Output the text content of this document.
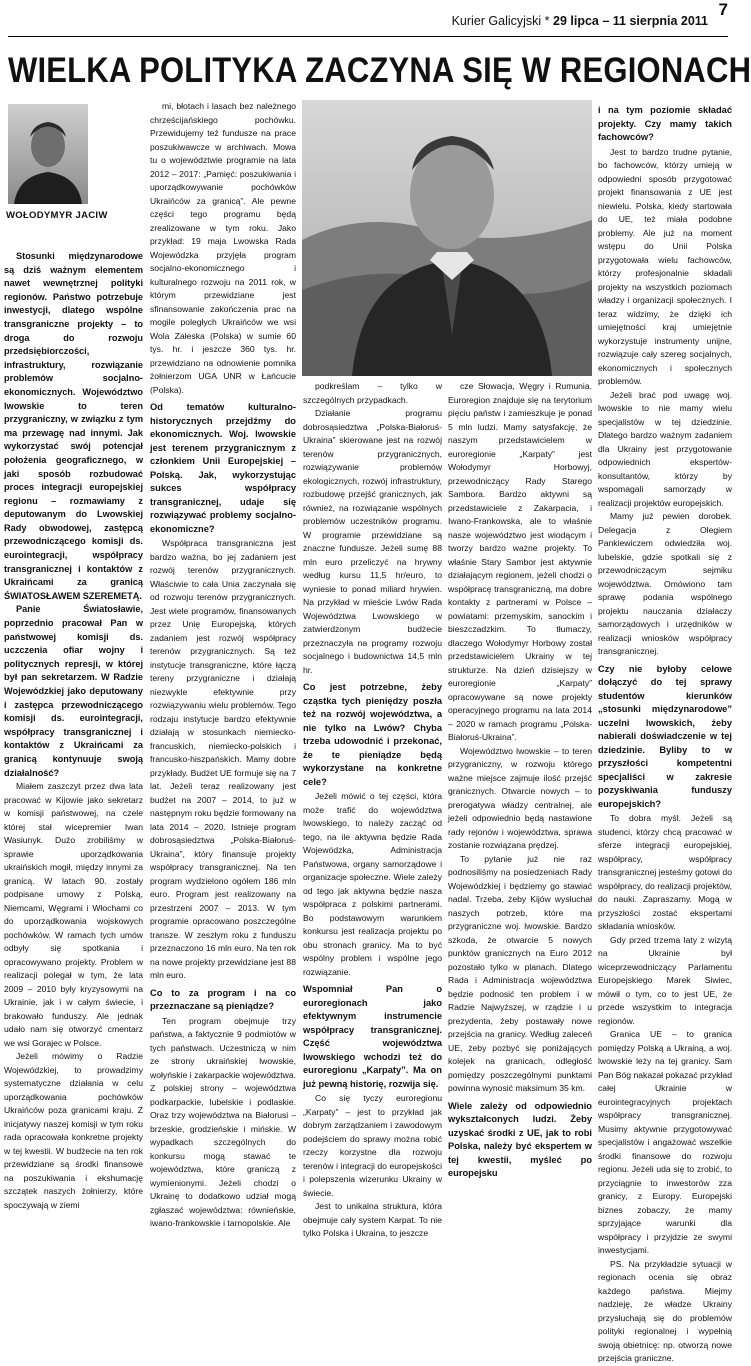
Kurier Galicyjski * 29 lipca – 11 sierpnia 2011
7
WIELKA POLITYKA ZACZYNA SIĘ W REGIONACH
WOŁODYMYR JACIW

Stosunki międzynarodowe są dziś ważnym elementem nawet wewnętrznej polityki regionów. Państwo potrzebuje inwestycji, dlatego wspólne transgraniczne projekty – to droga do rozwoju przedsiębiorczości, infrastruktury, rozwiązanie problemów socjalno-ekonomicznych. Województwo lwowskie to teren przygraniczny, w związku z tym ma przewagę nad innymi. Jak wykorzystać swój potencjał położenia geograficznego, w jaki sposób rozbudować proces integracji europejskiej regionu – rozmawiamy z deputowanym do Lwowskiej Rady obwodowej, zastępcą przewodniczącego komisji ds. eurointegracji, współpracy transgranicznej i kontaktów z Ukraińcami za granicą ŚWIATOSŁAWEM SZEREMETĄ.

Panie Światosławie, poprzednio pracował Pan w państwowej komisji ds. uczczenia ofiar wojny i politycznych represji, w której był pan sekretarzem. W Radzie Wojewódzkiej jako deputowany i zastępca przewodniczącego komisji ds. eurointegracji, współpracy transgranicznej i kontaktów z Ukraińcami za granicą kontynuuje swoją działalność?

Miałem zaszczyt przez dwa lata pracować w Kijowie jako sekretarz w komisji państwowej, na czele której stał wicepremier Iwan Wasiunyk. Dużo zrobiliśmy w sprawie uporządkowania ukraińskich mogił, między innymi za granicą. W latach 90. zostały podpisane umowy z Polską, Niemcami, Węgrami i Włochami co do uporządkowania wojskowych pochówków. W ramach tych umów odbyły się spotkania i opracowywano projekty. Problem w realizacji polegał w tym, że lata 2009 – 2010 były kryzysowymi na Ukrainie, jak i w całym świecie, i brakowało funduszy. Ale jednak udało nam się otworzyć cmentarz we wsi Gorajec w Polsce.

Jeżeli mówimy o Radzie Wojewódzkiej, to prowadzimy systematyczne działania w celu uporządkowania pochówków Ukraińców poza granicami kraju. Z inicjatywy naszej komisji w tym roku rada opracowała konkretne projekty w tej kwestii. W budżecie na ten rok przewidziane są środki finansowe na poszukiwania i ekshumację szczątek naszych żołnierzy, które spoczywają w ziemi

mi, błotach i lasach bez należnego chrześcijańskiego pochówku. Przewidujemy też fundusze na prace poszukiwawcze w archiwach. Mowa tu o województwie programie na lata 2012 – 2017: „Pamięć: poszukiwania i uporządkowywanie pochówków Ukraińców za granicą”. Ale pewne części tego programu będą zrealizowane w tym roku. Jako przykład: 19 maja Lwowska Rada Wojewódzka przyjęła program socjalno-ekonomicznego i kulturalnego rozwoju na 2011 rok, w którym przewidziane jest sfinansowanie zakończenia prac na mogile poległych Ukraińców we wsi Wola Załeska (Polska) w sumie 60 tys. hr. i jeszcze 360 tys. hr. przewidziano na odnowienie pomnika żołnierzom UGA UNR w Łańcucie (Polska).

Od tematów kulturalno-historycznych przejdźmy do ekonomicznych. Woj. lwowskie jest terenem przygranicznym z członkiem Unii Europejskiej – Polską. Jak, wykorzystując sukces współpracy transgranicznej, udaje się rozwiązywać problemy socjalno-ekonomiczne?

Współpraca transgraniczna jest bardzo ważna, bo jej zadaniem jest rozwój terenów przygranicznych. Właściwie to cała Unia zaczynała się od rozwoju terenów przygranicznych. Jest wiele programów, finansowanych przez Unię Europejską, których zadaniem jest rozwój współpracy terenów przygranicznych. Są też instytucje transgraniczne, które łączą tereny przygraniczne i działają niezwykle efektywnie przy rozwiązywaniu wielu problemów. Tego rodzaju instytucje bardzo efektywnie działają w stosunkach niemiecko-francuskich, niemiecko-polskich i francusko-hiszpańskich. Mamy dobre przykłady. Budżet UE formuje się na 7 lat. Jeżeli teraz realizowany jest budżet na 2007 – 2014, to już w następnym roku będzie formowany na lata 2014 – 2020. Istnieje program dobrosąsiedztwa „Polska-Białoruś-Ukraina”, który finansuje projekty współpracy transgranicznej. Na ten program wydzielono ogółem 186 mln euro. Program jest realizowany na przestrzeni 2007 – 2013. W tym programie opracowano poszczególne transze. W zeszłym roku z funduszu przeznaczono 16 mln euro. Na ten rok na nowe projekty przewidziane jest 88 mln euro.

Co to za program i na co przeznaczane są pieniądze?

Ten program obejmuje trzy państwa, a faktycznie 9 podmiotów w tych państwach. Uczestniczą w nim ze strony ukraińskiej lwowskie, wołyńskie i zakarpackie województwa. Z polskiej strony – województwa podkarpackie, lubelskie i podlaskie. Oraz trzy województwa na Białorusi – brzeskie, grodzieńskie i mińskie. W wypadkach szczególnych do konkursu mogą stawać te województwa, które graniczą z wymienionymi. Jeżeli chodzi o Ukrainę to dodatkowo udział mogą zgłaszać województwa: równieńskie, iwano-frankowskie i tarnopolskie. Ale

podkreślam – tylko w szczególnych przypadkach.

Działanie programu dobrosąsiedztwa „Polska-Białoruś-Ukraina” skierowane jest na rozwój terenów przygranicznych, rozwiązywanie problemów ekologicznych, rozwój infrastruktury, rozbudowę przejść granicznych, jak również, na rozwiązanie wspólnych problemów uczestników programu. W programie przewidziane są znaczne fundusze. Jeżeli sumę 88 mln euro przeliczyć na hrywny według kursu 11,5 hr/euro, to wyniesie to ponad miliard hrywien. Na przykład w mieście Lwów Rada Województwa Lwowskiego w zatwierdzonym budżecie przeznaczyła na programy rozwoju socjalnego i budownictwa 14,5 mln hr.

Co jest potrzebne, żeby cząstka tych pieniędzy poszła też na rozwój województwa, a nie tylko na Lwów? Chyba trzeba udowodnić i przekonać, że te pieniądze będą wykorzystane na konkretne cele?

Jeżeli mówić o tej części, która może trafić do województwa lwowskiego, to należy zacząć od tego, na ile aktywna będzie Rada Wojewódzka, Administracja Państwowa, organy samorządowe i organizacje społeczne. Wiele zależy od tego jak aktywna będzie nasza współpraca z polskimi partnerami. Bo podstawowym warunkiem konkursu jest realizacja projektu po obu stronach granicy. Ma to być wspólny problem i wspólne jego rozwiązanie.

Wspomniał Pan o euroregionach jako efektywnym instrumencie współpracy transgranicznej. Część województwa lwowskiego wchodzi też do euroregionu „Karpaty”. Ma on już pewną historię, rozwija się.

Co się tyczy euroregionu „Karpaty” – jest to przykład jak dobrym zarządzaniem i zawodowym podejściem do sprawy można robić rzeczy korzystne dla rozwoju terenów i integracji do europejskości i polepszenia wizerunku Ukrainy w świecie.

Jest to unikalna struktura, która obejmuje cały system Karpat. To nie tylko Polska i Ukraina, to jeszcze

cze Słowacja, Węgry i Rumunia. Euroregion znajduje się na terytorium pięciu państw i zamieszkuje je ponad 5 mln ludzi. Mamy satysfakcję, że naszym przedstawicielem w euroregionie „Karpaty” jest Wołodymyr Horbowyj, przewodniczący Rady Starego Sambora. Bardzo aktywni są przedstawiciele z Zakarpacia, i Iwano-Frankowska, ale to właśnie nasze województwo jest wiodącym i tworzy bardzo ważne projekty. To właśnie Stary Sambor jest aktywnie działającym regionem, jeżeli chodzi o współpracę transgraniczną, ma dobre kontakty z partnerami w Polsce – powiatami: przemyskim, sanockim i bieszczadzkim. To tłumaczy, dlaczego Wołodymyr Horbowy został przedstawicielem Ukrainy w tej strukturze. Na dzień dzisiejszy w euroregionie „Karpaty” opracowywane są nowe projekty operacyjnego programu na lata 2014 – 2020 w ramach programu „Polska-Białoruś-Ukraina”.

Województwo lwowskie – to teren przygraniczny, w rozwoju którego ważne miejsce zajmuje ilość przejść granicznych. Otwarcie nowych – to prerogatywa władzy centralnej, ale jeżeli odpowiednio będą nastawione rady rejonów i województwa, sprawa zostanie rozwiązana prędzej.

To pytanie już nie raz podnosiliśmy na posiedzeniach Rady Wojewódzkiej i będziemy go stawiać nadal. Trzeba, żeby Kijów wysłuchał naszych potrzeb, które ma przygraniczne woj. lwowskie. Bardzo szkoda, że otwarcie 5 nowych punktów granicznych na Euro 2012 pozostało tylko w planach. Dlatego Rada i Administracja województwa będzie podnosić ten problem i w Radzie Najwyższej, w rządzie i u prezydenta, żeby postawały nowe przejścia na granicy. Według zaleceń UE, żeby pozbyć się poniżających kolejek na granicach, odległość pomiędzy poszczególnymi punktami powinna wynosić maksimum 35 km.

Wiele zależy od odpowiednio wykształconych ludzi. Żeby uzyskać środki z UE, jak to robi Polska, należy być ekspertem w tej kwestii, myśleć po europejsku
i na tym poziomie składać projekty. Czy mamy takich fachowców?

Jest to bardzo trudne pytanie, bo fachowców, którzy umieją w odpowiedni sposób przygotować projekt finansowania z UE jest niewielu. Polska, kiedy startowała do UE, też miała podobne problemy. Ale już na moment wstępu do Unii Polska przygotowała wielu fachowców, którzy profesjonalnie składali projekty na wszystkich poziomach władzy i organizacji społecznych. I teraz widzimy, że dzięki ich umiejętności kraj umiejętnie wykorzystuje instrumenty unijne, rozwiązuje cały szereg socjalnych, ekonomicznych i społecznych problemów.

Jeżeli brać pod uwagę woj. lwowskie to nie mamy wielu specjalistów w tej dziedzinie. Dlatego bardzo ważnym zadaniem dla Ukrainy jest przygotowanie odpowiednich ekspertów-konsultantów, którzy by wspomagali samorządy w realizacji projektów europejskich.

Mamy już pewien dorobek. Delegacja z Olegiem Pankiewiczem odwiedziła woj. lubelskie, gdzie spotkali się z przewodniczącym sejmiku województwa. Omówiono tam sprawę podania wspólnego projektu nauczania działaczy samorządowych i urzędników w realizacji wniosków współpracy transgranicznej.

Czy nie byłoby celowe dołączyć do tej sprawy studentów kierunków „stosunki międzynarodowe” uczelni lwowskich, żeby nabierali doświadczenie w tej dziedzinie. Byliby to w przyszłości kompetentni specjaliści w zakresie pozyskiwania funduszy europejskich?

To dobra myśl. Jeżeli są studenci, którzy chcą pracować w sferze integracji europejskiej, współpracy, współpracy transgranicznej jesteśmy gotowi do współpracy, do realizacji projektów, do nauki. Zapraszamy. Mogą w przyszłości zostać ekspertami składania wniosków.

Gdy przed trzema laty z wizytą na Ukrainie był wiceprzewodniczący Parlamentu Europejskiego Marek Siwiec, mówił o tym, co to jest UE, że przede wszystkim to integracja regionów.

Granica UE – to granica pomiędzy Polską a Ukrainą, a woj. lwowskie leży na tej granicy. Sam Pan Bóg nakazał pokazać przykład całej Ukrainie w eurointegracyjnych projektach współpracy transgranicznej. Musimy aktywnie przygotowywać specjalistów i angażować wszelkie środki finansowe do rozwoju regionu. Jeżeli uda się to zrobić, to przyciągnie to inwestorów zza granicy, z Europy. Europejski biznes zobaczy, że mamy sprzyjające warunki dla współpracy i przyjdzie ze swymi inwestycjami.

PS. Na przykładzie sytuacji w regionach ocenia się obraz każdego państwa. Miejmy nadzieję, że władze Ukrainy przysłuchają się do problemów polityki regionalnej i wypełnią swoją obietnicę: np. otworzą nowe przejścia graniczne.
